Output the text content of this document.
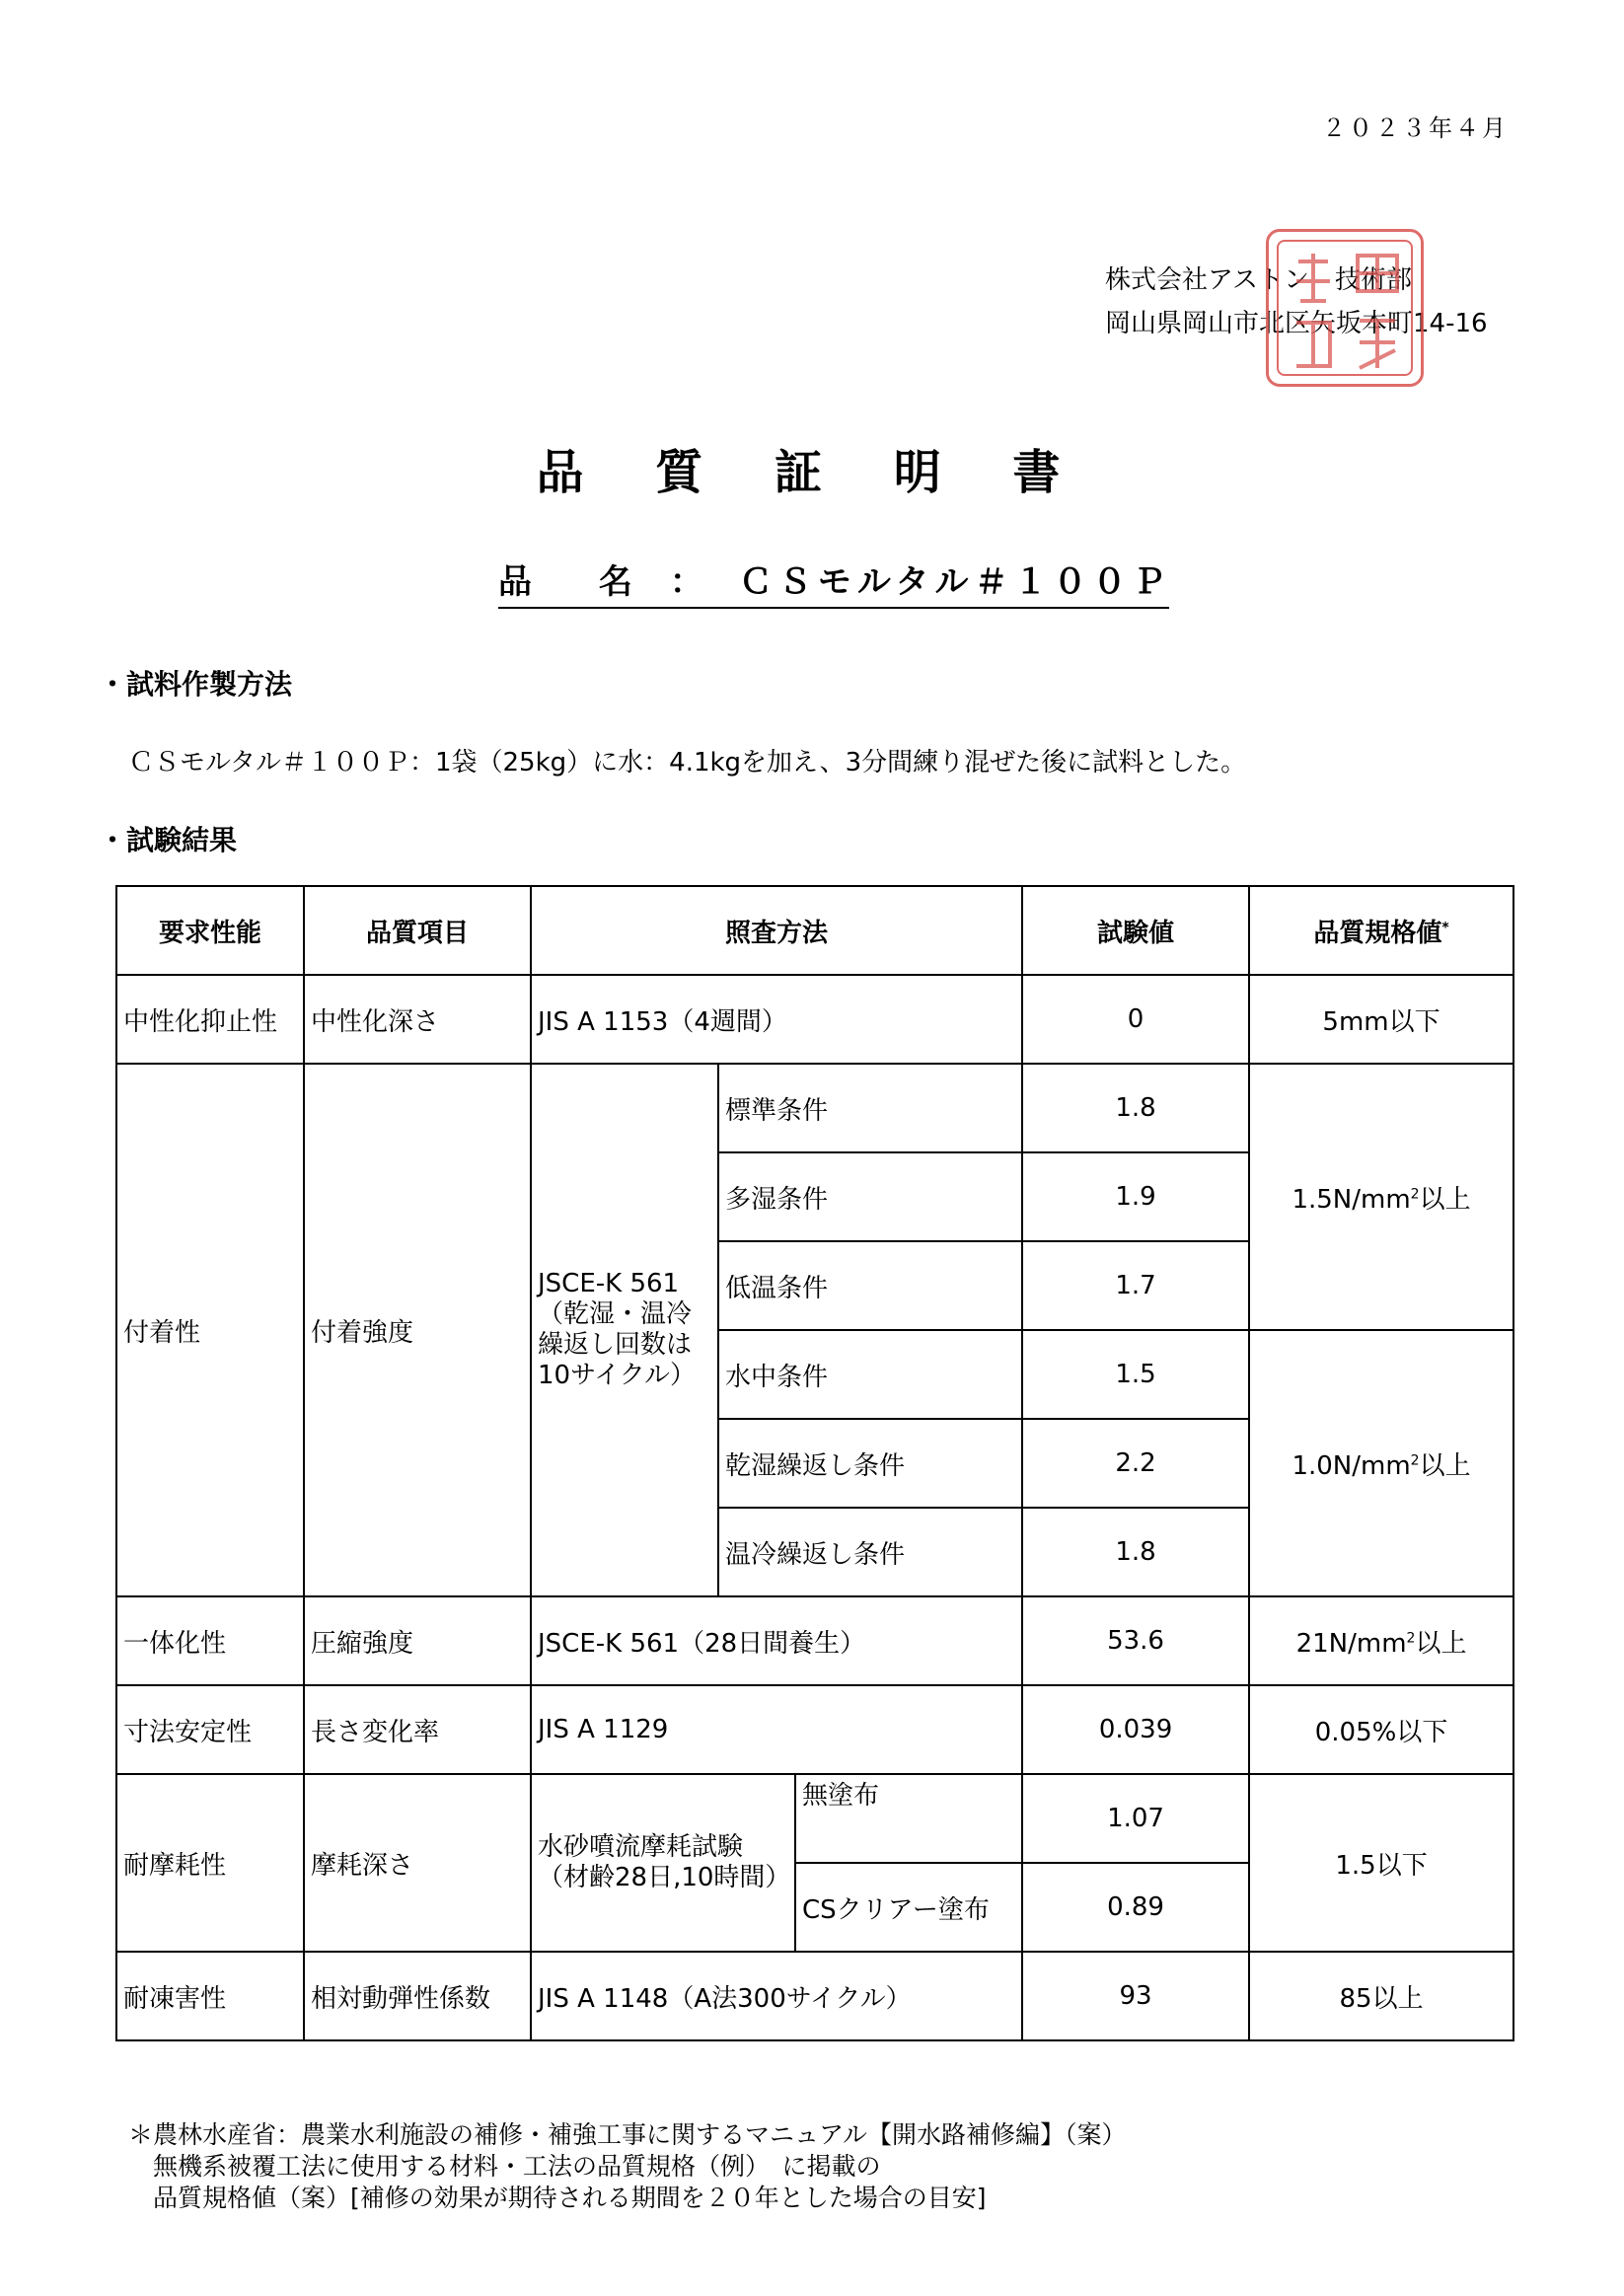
２０２３年４月
株式会社アストン　技術部
岡山県岡山市北区矢坂本町14-16
品 質 証 明 書
品 名 ： ＣＳモルタル＃１００Ｐ
・試料作製方法
ＣＳモルタル＃１００Ｐ：1袋（25kg）に水：4.1kgを加え、3分間練り混ぜた後に試料とした。
・試験結果
要求性能	品質項目	照査方法			試験値	品質規格値*
中性化抑止性	中性化深さ	JIS A 1153（4週間）			0	5mm以下
付着性	付着強度	JSCE-K 561（乾湿・温冷繰返し回数は10サイクル）	標準条件		1.8	$1.5N/mm^2$以上
			多湿条件		1.9	
			低温条件		1.7	
			水中条件		1.5	$1.0N/mm^2$以上
			乾湿繰返し条件		2.2	
			温冷繰返し条件		1.8	
一体化性	圧縮強度	JSCE-K 561（28日間養生）			53.6	$21N/mm^2$以上
寸法安定性	長さ変化率	JIS A 1129			0.039	0.05%以下
耐摩耗性	摩耗深さ	水砂噴流摩耗試験（材齢28日,10時間）		無塗布	1.07	1.5以下
				CSクリアー塗布	0.89	
耐凍害性	相対動弾性係数	JIS A 1148（A法300サイクル）			93	85以上
＊農林水産省：農業水利施設の補修・補強工事に関するマニュアル【開水路補修編】（案）
　無機系被覆工法に使用する材料・工法の品質規格（例）　に掲載の
　品質規格値（案）[補修の効果が期待される期間を２０年とした場合の目安]
